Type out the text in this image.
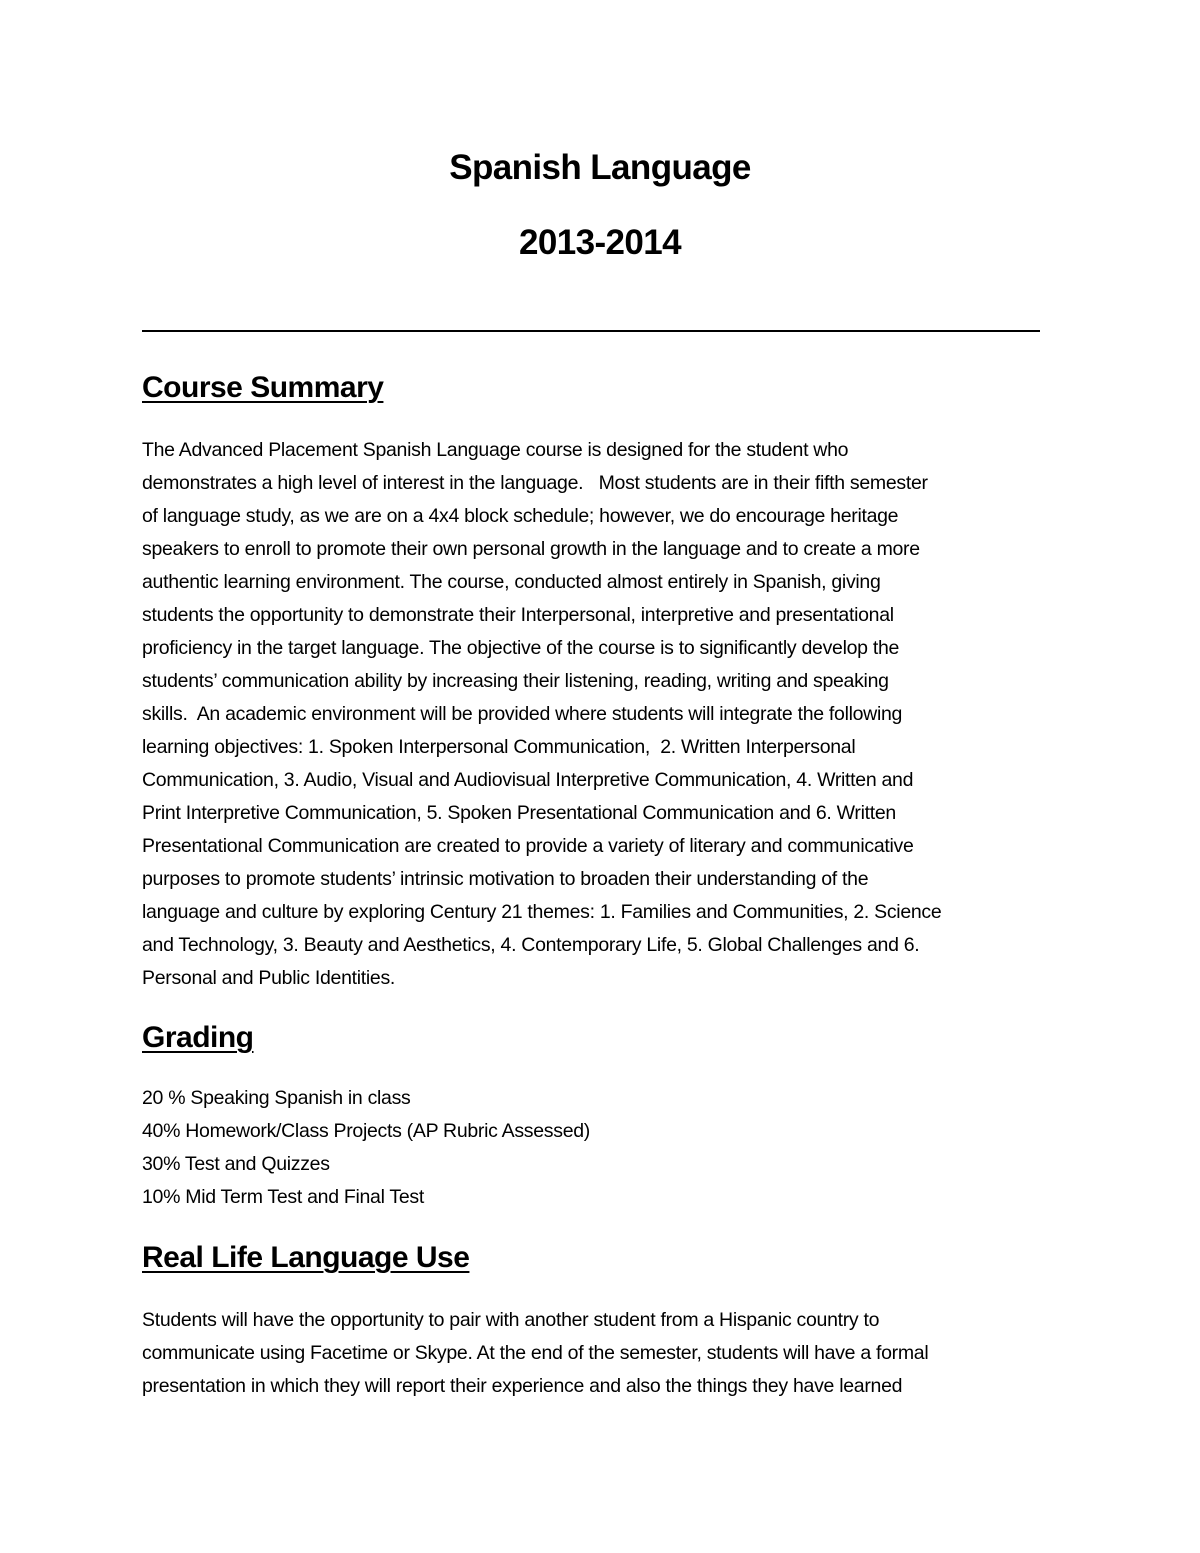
Spanish Language
2013-2014
Course Summary
The Advanced Placement Spanish Language course is designed for the student who
demonstrates a high level of interest in the language.   Most students are in their fifth semester
of language study, as we are on a 4x4 block schedule; however, we do encourage heritage
speakers to enroll to promote their own personal growth in the language and to create a more
authentic learning environment. The course, conducted almost entirely in Spanish, giving
students the opportunity to demonstrate their Interpersonal, interpretive and presentational
proficiency in the target language. The objective of the course is to significantly develop the
students’ communication ability by increasing their listening, reading, writing and speaking
skills.  An academic environment will be provided where students will integrate the following
learning objectives: 1. Spoken Interpersonal Communication,  2. Written Interpersonal
Communication, 3. Audio, Visual and Audiovisual Interpretive Communication, 4. Written and
Print Interpretive Communication, 5. Spoken Presentational Communication and 6. Written
Presentational Communication are created to provide a variety of literary and communicative
purposes to promote students’ intrinsic motivation to broaden their understanding of the
language and culture by exploring Century 21 themes: 1. Families and Communities, 2. Science
and Technology, 3. Beauty and Aesthetics, 4. Contemporary Life, 5. Global Challenges and 6.
Personal and Public Identities.
Grading
20 % Speaking Spanish in class
40% Homework/Class Projects (AP Rubric Assessed)
30% Test and Quizzes
10% Mid Term Test and Final Test
Real Life Language Use
Students will have the opportunity to pair with another student from a Hispanic country to
communicate using Facetime or Skype. At the end of the semester, students will have a formal
presentation in which they will report their experience and also the things they have learned
